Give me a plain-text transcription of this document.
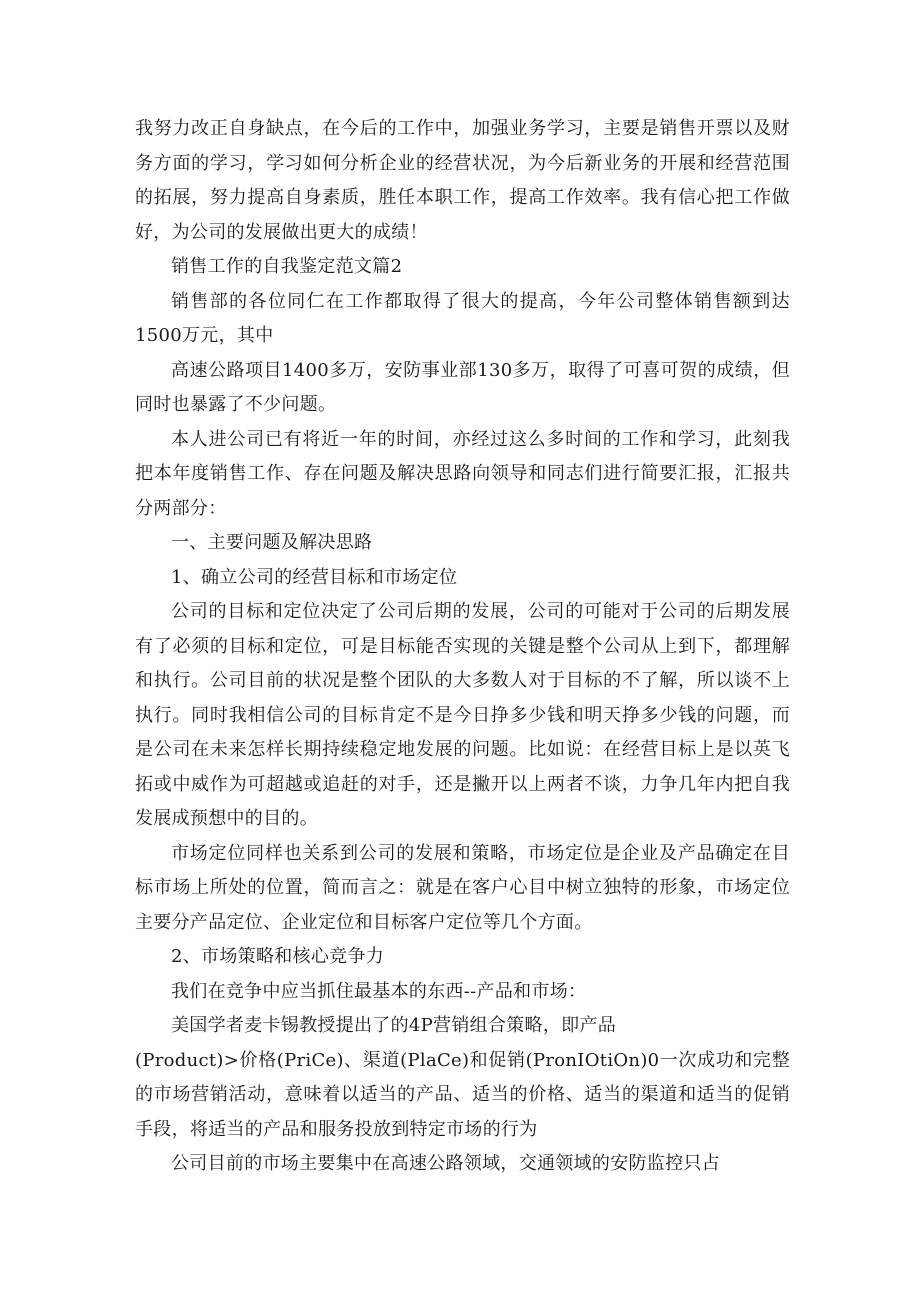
我努力改正自身缺点，在今后的工作中，加强业务学习，主要是销售开票以及财务方面的学习，学习如何分析企业的经营状况，为今后新业务的开展和经营范围的拓展，努力提高自身素质，胜任本职工作，提高工作效率。我有信心把工作做好，为公司的发展做出更大的成绩！

销售工作的自我鉴定范文篇2

销售部的各位同仁在工作都取得了很大的提高，今年公司整体销售额到达1500万元，其中

高速公路项目1400多万，安防事业部130多万，取得了可喜可贺的成绩，但同时也暴露了不少问题。

本人进公司已有将近一年的时间，亦经过这么多时间的工作和学习，此刻我把本年度销售工作、存在问题及解决思路向领导和同志们进行简要汇报，汇报共分两部分：

一、主要问题及解决思路

1、确立公司的经营目标和市场定位

公司的目标和定位决定了公司后期的发展，公司的可能对于公司的后期发展有了必须的目标和定位，可是目标能否实现的关键是整个公司从上到下，都理解和执行。公司目前的状况是整个团队的大多数人对于目标的不了解，所以谈不上执行。同时我相信公司的目标肯定不是今日挣多少钱和明天挣多少钱的问题，而是公司在未来怎样长期持续稳定地发展的问题。比如说：在经营目标上是以英飞拓或中威作为可超越或追赶的对手，还是撇开以上两者不谈，力争几年内把自我发展成预想中的目的。

市场定位同样也关系到公司的发展和策略，市场定位是企业及产品确定在目标市场上所处的位置，简而言之：就是在客户心目中树立独特的形象，市场定位主要分产品定位、企业定位和目标客户定位等几个方面。

2、市场策略和核心竞争力

我们在竞争中应当抓住最基本的东西--产品和市场：

美国学者麦卡锡教授提出了的4P营销组合策略，即产品

(Product)>价格(PriCe)、渠道(PlaCe)和促销(PronIOtiOn)0一次成功和完整的市场营销活动，意味着以适当的产品、适当的价格、适当的渠道和适当的促销手段，将适当的产品和服务投放到特定市场的行为

公司目前的市场主要集中在高速公路领域，交通领域的安防监控只占
